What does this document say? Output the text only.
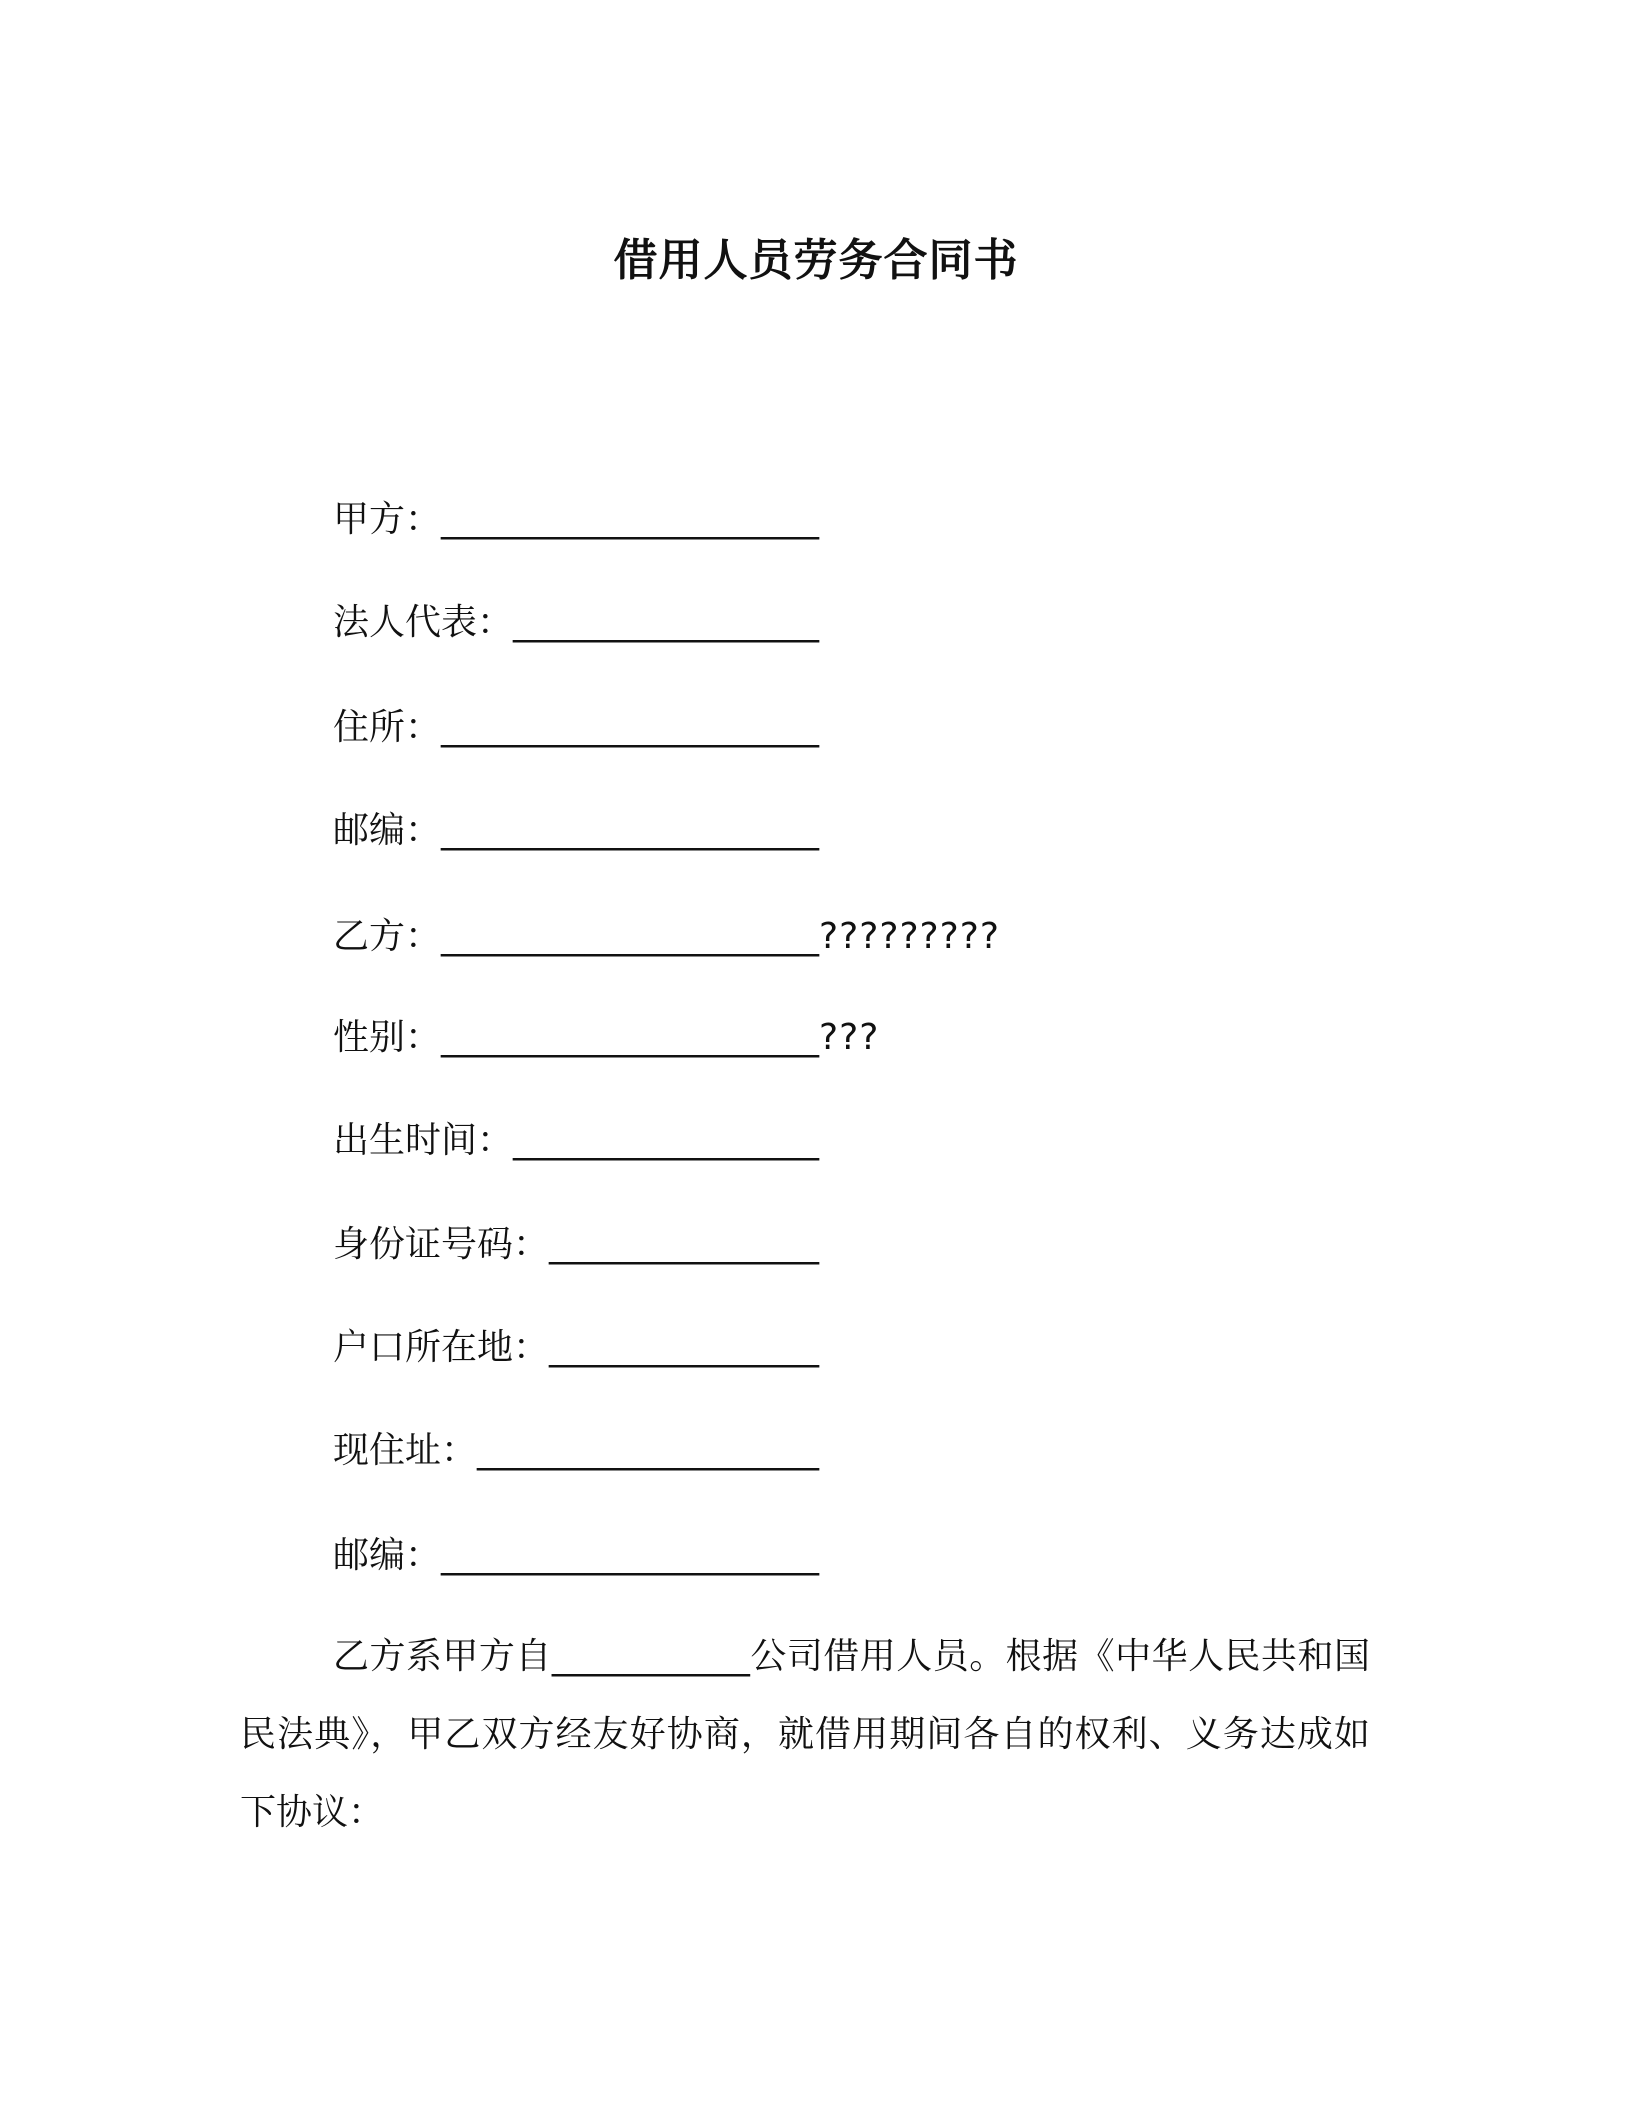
借用人员劳务合同书
甲方：_____________________
法人代表：_________________
住所：_____________________
邮编：_____________________
乙方：_____________________?????????
性别：_____________________???
出生时间：_________________
身份证号码：_______________
户口所在地：_______________
现住址：___________________
邮编：_____________________

乙方系甲方自___________公司借用人员。根据《中华人民共和国民法典》，甲乙双方经友好协商，就借用期间各自的权利、义务达成如下协议：
